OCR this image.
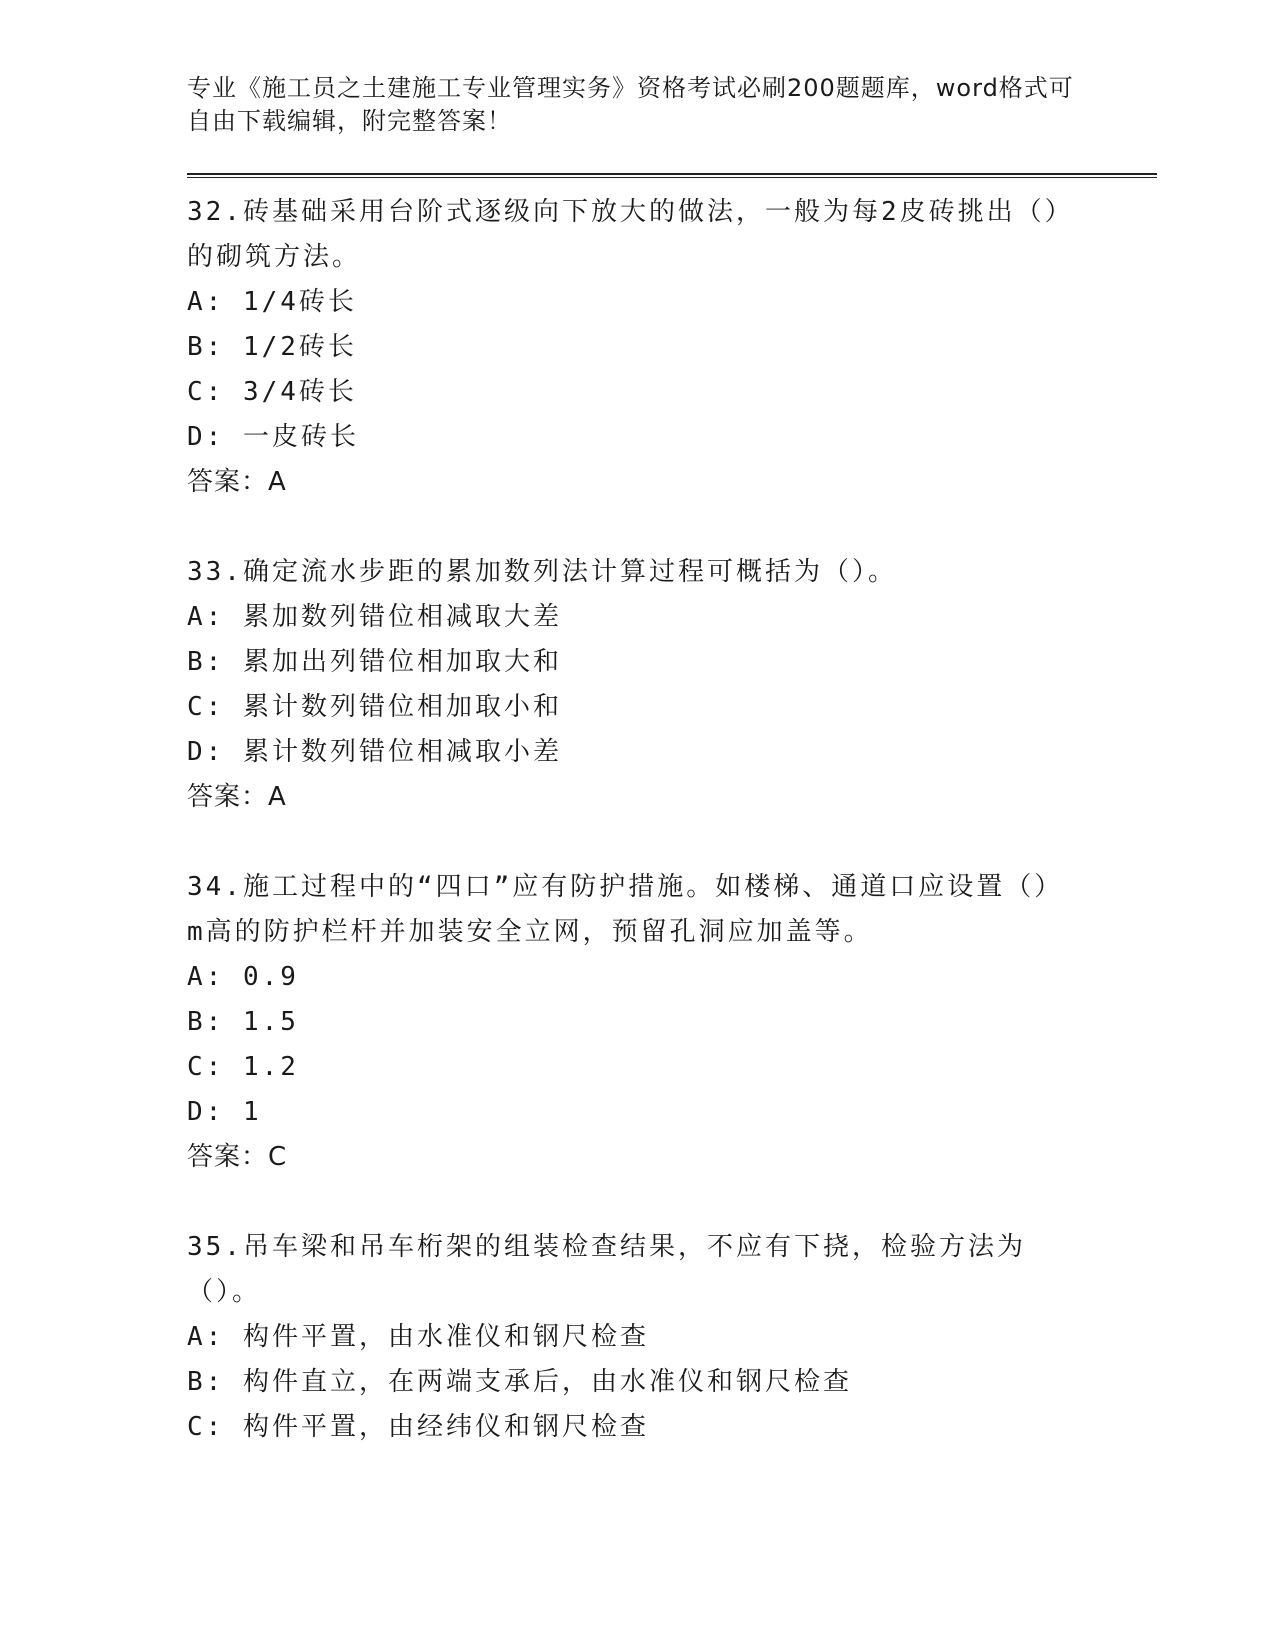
专业《施工员之土建施工专业管理实务》资格考试必刷200题题库，word格式可

自由下载编辑，附完整答案！

32.砖基础采用台阶式逐级向下放大的做法，一般为每2皮砖挑出（）的砌筑方法。

A: 1/4砖长

B: 1/2砖长

C: 3/4砖长

D: 一皮砖长

答案：A

33.确定流水步距的累加数列法计算过程可概括为（）。

A: 累加数列错位相减取大差

B: 累加出列错位相加取大和

C: 累计数列错位相加取小和

D: 累计数列错位相减取小差

答案：A

34.施工过程中的“四口”应有防护措施。如楼梯、通道口应设置（）m高的防护栏杆并加装安全立网，预留孔洞应加盖等。

A: 0.9

B: 1.5

C: 1.2

D: 1

答案：C

35.吊车梁和吊车桁架的组装检查结果，不应有下挠，检验方法为（）。

A: 构件平置，由水准仪和钢尺检查

B: 构件直立，在两端支承后，由水准仪和钢尺检查

C: 构件平置，由经纬仪和钢尺检查
